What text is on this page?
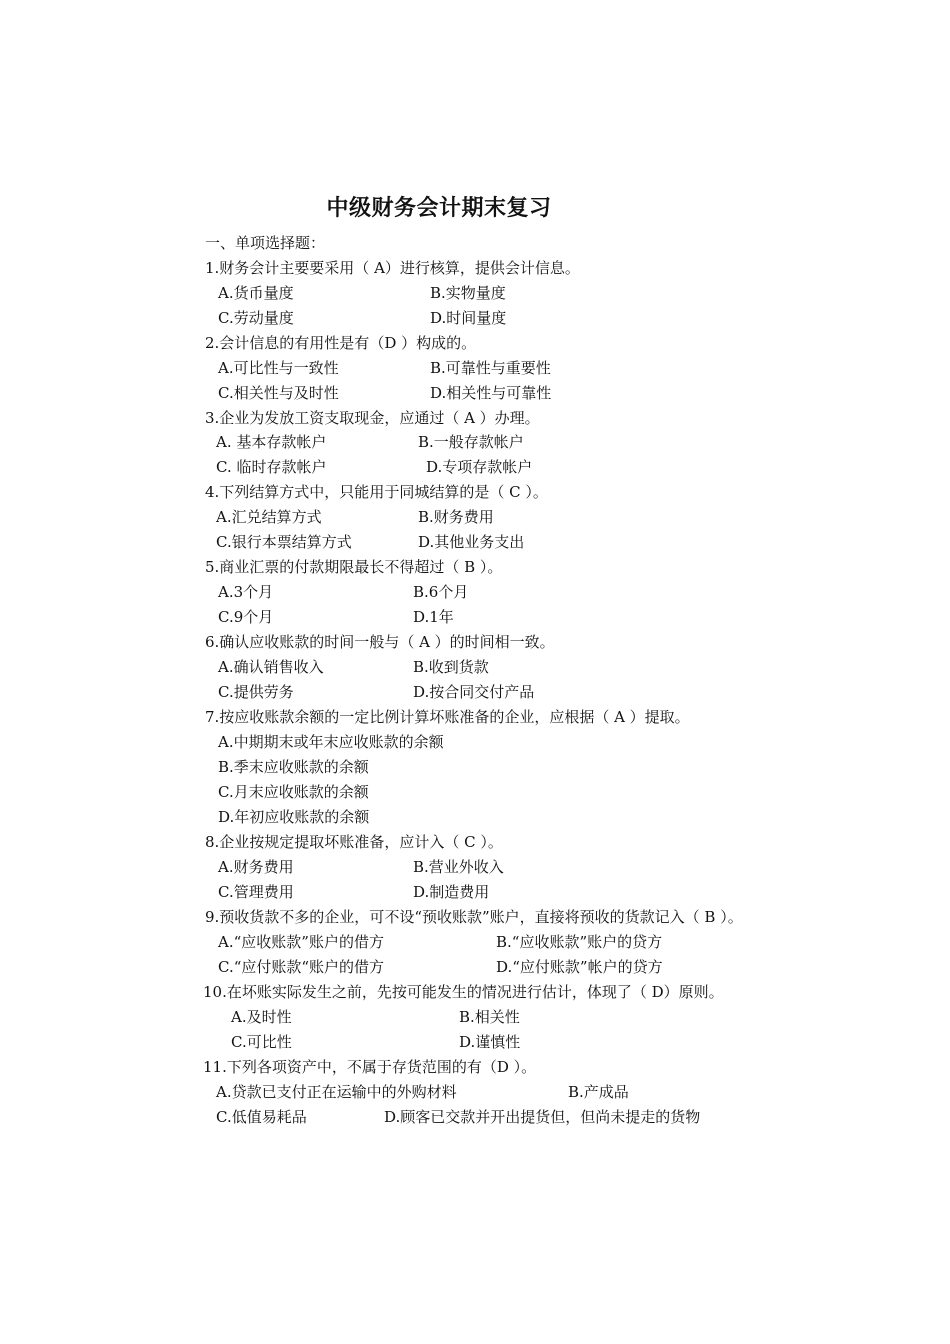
中级财务会计期末复习
一、单项选择题：
1.财务会计主要要采用（ A）进行核算，提供会计信息。
A.货币量度	B.实物量度
C.劳动量度	D.时间量度
2.会计信息的有用性是有（D ）构成的。
A.可比性与一致性	B.可靠性与重要性
C.相关性与及时性	D.相关性与可靠性
3.企业为发放工资支取现金，应通过（ A ）办理。
A. 基本存款帐户	B.一般存款帐户
C. 临时存款帐户	D.专项存款帐户
4.下列结算方式中，只能用于同城结算的是（ C ）。
A.汇兑结算方式	B.财务费用
C.银行本票结算方式	D.其他业务支出
5.商业汇票的付款期限最长不得超过（ B ）。
A.3个月	B.6个月
C.9个月	D.1年
6.确认应收账款的时间一般与（ A ）的时间相一致。
A.确认销售收入	B.收到货款
C.提供劳务	D.按合同交付产品
7.按应收账款余额的一定比例计算坏账准备的企业，应根据（ A ）提取。
A.中期期末或年末应收账款的余额
B.季末应收账款的余额
C.月末应收账款的余额
D.年初应收账款的余额
8.企业按规定提取坏账准备，应计入（ C ）。
A.财务费用	B.营业外收入
C.管理费用	D.制造费用
9.预收货款不多的企业，可不设“预收账款”账户，直接将预收的货款记入（ B ）。
A.“应收账款”账户的借方	B.“应收账款”账户的贷方
C.“应付账款“账户的借方	D.“应付账款”帐户的贷方
10.在坏账实际发生之前，先按可能发生的情况进行估计，体现了（ D）原则。
A.及时性	B.相关性
C.可比性	D.谨慎性
11.下列各项资产中，不属于存货范围的有（D ）。
A.贷款已支付正在运输中的外购材料	B.产成品
C.低值易耗品	D.顾客已交款并开出提货但，但尚未提走的货物
